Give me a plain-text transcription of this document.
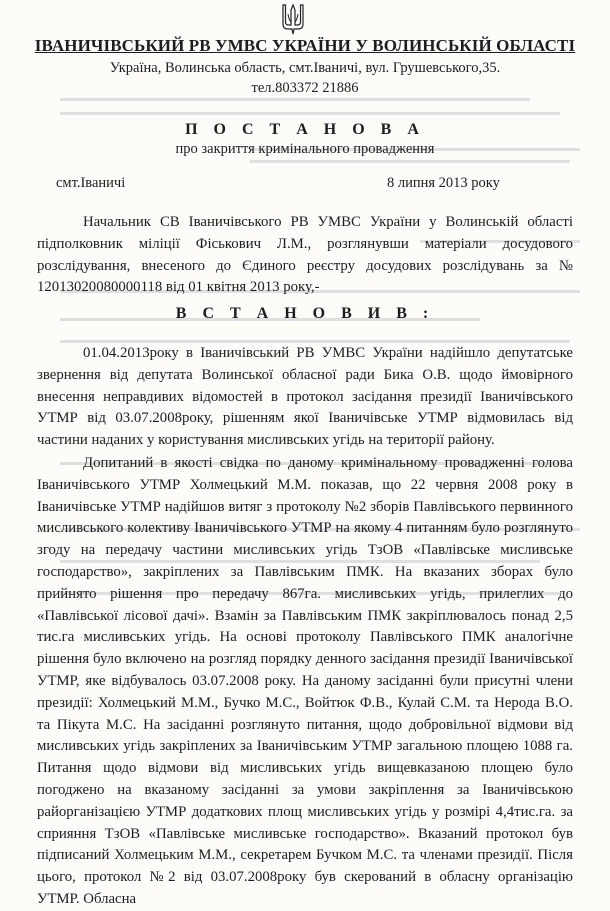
ІВАНИЧІВСЬКИЙ РВ УМВС УКРАЇНИ У ВОЛИНСЬКІЙ ОБЛАСТІ
Україна, Волинська область, смт.Іваничі, вул. Грушевського,35.
тел.803372 21886
П О С Т А Н О В А
про закриття кримінального провадження
смт.Іваничі	8 липня 2013 року
Начальник СВ Іваничівського РВ УМВС України у Волинській області підполковник міліції Фіськович Л.М., розглянувши матеріали досудового розслідування, внесеного до Єдиного реєстру досудових розслідувань за № 12013020080000118 від 01 квітня 2013 року,-
В С Т А Н О В И В :
01.04.2013року в Іваничівський РВ УМВС України надійшло депутатське звернення від депутата Волинської обласної ради Бика О.В. щодо ймовірного внесення неправдивих відомостей в протокол засідання президії Іваничівського УТМР від 03.07.2008року, рішенням якої Іваничівське УТМР відмовилась від частини наданих у користування мисливських угідь на території району.
Допитаний в якості свідка по даному кримінальному провадженні голова Іваничівського УТМР Холмецький М.М. показав, що 22 червня 2008 року в Іваничівське УТМР надійшов витяг з протоколу №2 зборів Павлівського первинного мисливського колективу Іваничівського УТМР на якому 4 питанням було розглянуто згоду на передачу частини мисливських угідь ТзОВ «Павлівське мисливське господарство», закріплених за Павлівським ПМК. На вказаних зборах було прийнято рішення про передачу 867га. мисливських угідь, прилеглих до «Павлівської лісової дачі». Взамін за Павлівським ПМК закріплювалось понад 2,5 тис.га мисливських угідь. На основі протоколу Павлівського ПМК аналогічне рішення було включено на розгляд порядку денного засідання президії Іваничівської УТМР, яке відбувалось 03.07.2008 року. На даному засіданні були присутні члени президії: Холмецький М.М., Бучко М.С., Войтюк Ф.В., Кулай С.М. та Нерода В.О. та Пікута М.С. На засіданні розглянуто питання, щодо добровільної відмови від мисливських угідь закріплених за Іваничівським УТМР загальною площею 1088 га. Питання щодо відмови від мисливських угідь вищевказаною площею було погоджено на вказаному засіданні за умови закріплення за Іваничівською райорганізацією УТМР додаткових площ мисливських угідь у розмірі 4,4тис.га. за сприяння ТзОВ «Павлівське мисливське господарство». Вказаний протокол був підписаний Холмецьким М.М., секретарем Бучком М.С. та членами президії. Після цього, протокол №2 від 03.07.2008року був скерований в обласну організацію УТМР. Обласна
